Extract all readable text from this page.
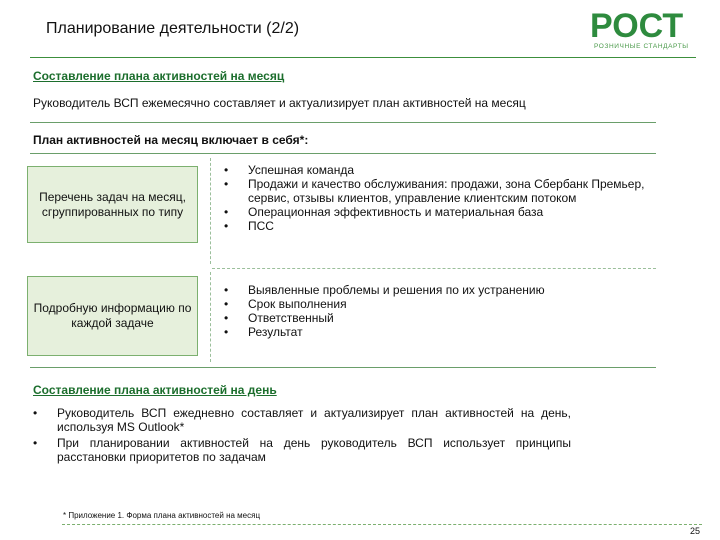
Планирование деятельности (2/2)	РОСТ
РОЗНИЧНЫЕ СТАНДАРТЫ
Составление плана активностей на месяц
Руководитель ВСП ежемесячно составляет и актуализирует план активностей на месяц
План активностей на месяц включает в себя*:
Перечень задач на месяц, сгруппированных по типу
• Успешная команда
• Продажи и качество обслуживания: продажи, зона Сбербанк Премьер, сервис, отзывы клиентов, управление клиентским потоком
• Операционная эффективность и материальная база
• ПСС
Подробную информацию по каждой задаче
• Выявленные проблемы и решения по их устранению
• Срок выполнения
• Ответственный
• Результат
Составление плана активностей на день
• Руководитель ВСП ежедневно составляет и актуализирует план активностей на день, используя MS Outlook*
• При планировании активностей на день руководитель ВСП использует принципы расстановки приоритетов по задачам
* Приложение 1. Форма плана активностей на месяц
25
